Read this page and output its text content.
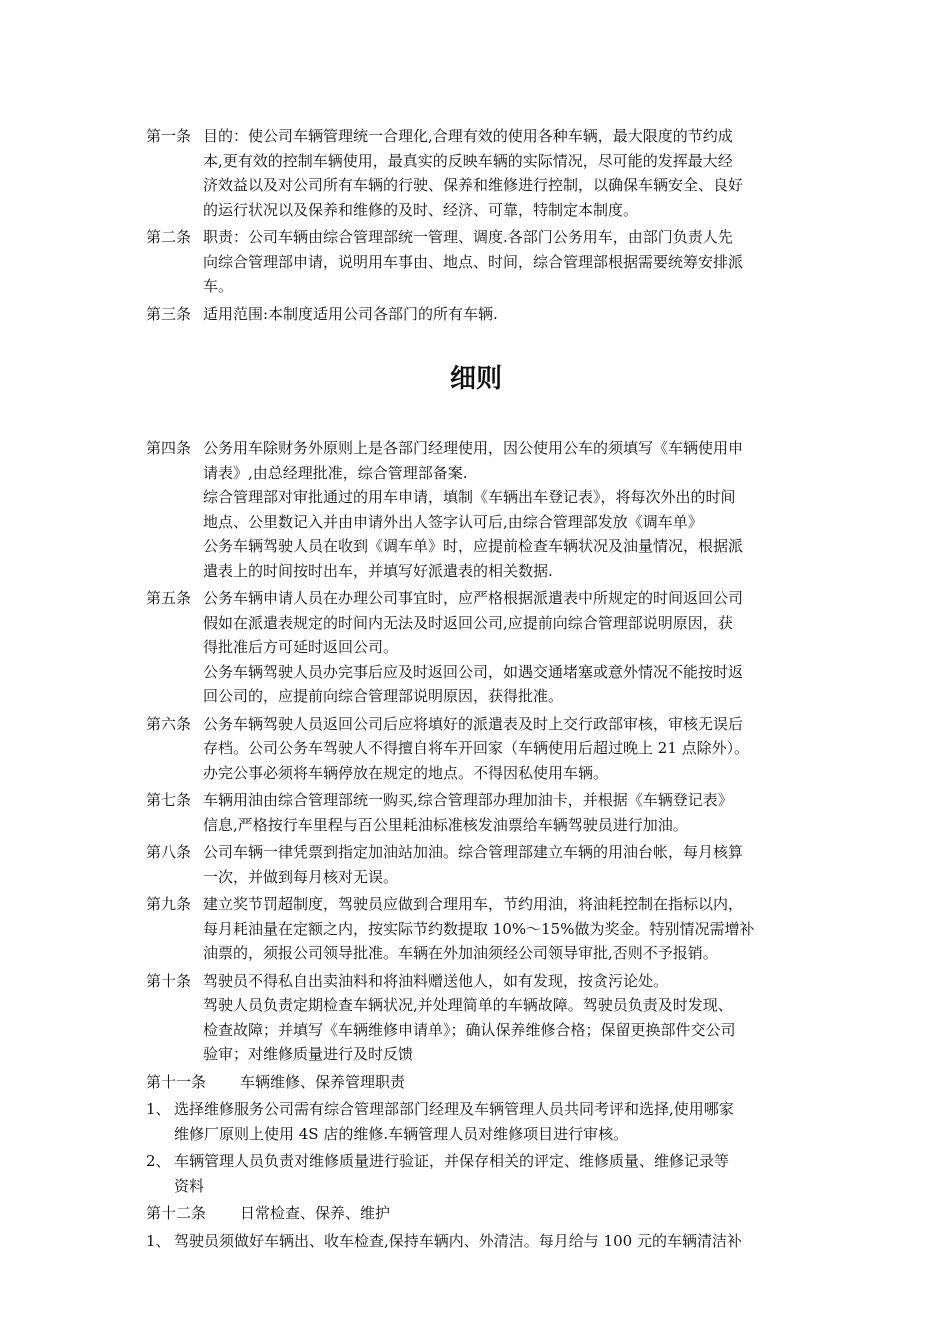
第一条 目的：使公司车辆管理统一合理化,合理有效的使用各种车辆，最大限度的节约成
本,更有效的控制车辆使用，最真实的反映车辆的实际情况，尽可能的发挥最大经
济效益以及对公司所有车辆的行驶、保养和维修进行控制，以确保车辆安全、良好
的运行状况以及保养和维修的及时、经济、可靠，特制定本制度。
第二条 职责：公司车辆由综合管理部统一管理、调度.各部门公务用车，由部门负责人先
向综合管理部申请，说明用车事由、地点、时间，综合管理部根据需要统筹安排派
车。
第三条 适用范围:本制度适用公司各部门的所有车辆.
细则
第四条 公务用车除财务外原则上是各部门经理使用，因公使用公车的须填写《车辆使用申
请表》,由总经理批准，综合管理部备案.
综合管理部对审批通过的用车申请，填制《车辆出车登记表》，将每次外出的时间
地点、公里数记入并由申请外出人签字认可后,由综合管理部发放《调车单》
公务车辆驾驶人员在收到《调车单》时，应提前检查车辆状况及油量情况，根据派
遣表上的时间按时出车，并填写好派遣表的相关数据.
第五条 公务车辆申请人员在办理公司事宜时，应严格根据派遣表中所规定的时间返回公司
假如在派遣表规定的时间内无法及时返回公司,应提前向综合管理部说明原因，获
得批准后方可延时返回公司。
公务车辆驾驶人员办完事后应及时返回公司，如遇交通堵塞或意外情况不能按时返
回公司的，应提前向综合管理部说明原因，获得批准。
第六条 公务车辆驾驶人员返回公司后应将填好的派遣表及时上交行政部审核，审核无误后
存档。公司公务车驾驶人不得擅自将车开回家（车辆使用后超过晚上 21 点除外）。
办完公事必须将车辆停放在规定的地点。不得因私使用车辆。
第七条 车辆用油由综合管理部统一购买,综合管理部办理加油卡，并根据《车辆登记表》
信息,严格按行车里程与百公里耗油标准核发油票给车辆驾驶员进行加油。
第八条 公司车辆一律凭票到指定加油站加油。综合管理部建立车辆的用油台帐，每月核算
一次，并做到每月核对无误。
第九条 建立奖节罚超制度，驾驶员应做到合理用车，节约用油，将油耗控制在指标以内，
每月耗油量在定额之内，按实际节约数提取 10%～15%做为奖金。特别情况需增补
油票的，须报公司领导批准。车辆在外加油须经公司领导审批,否则不予报销。
第十条 驾驶员不得私自出卖油料和将油料赠送他人，如有发现，按贪污论处。
驾驶人员负责定期检查车辆状况,并处理简单的车辆故障。驾驶员负责及时发现、
检查故障；并填写《车辆维修申请单》；确认保养维修合格；保留更换部件交公司
验审；对维修质量进行及时反馈
第十一条 车辆维修、保养管理职责
1、 选择维修服务公司需有综合管理部部门经理及车辆管理人员共同考评和选择,使用哪家
维修厂原则上使用 4S 店的维修.车辆管理人员对维修项目进行审核。
2、 车辆管理人员负责对维修质量进行验证，并保存相关的评定、维修质量、维修记录等
资料
第十二条 日常检查、保养、维护
1、 驾驶员须做好车辆出、收车检查,保持车辆内、外清洁。每月给与 100 元的车辆清洁补
